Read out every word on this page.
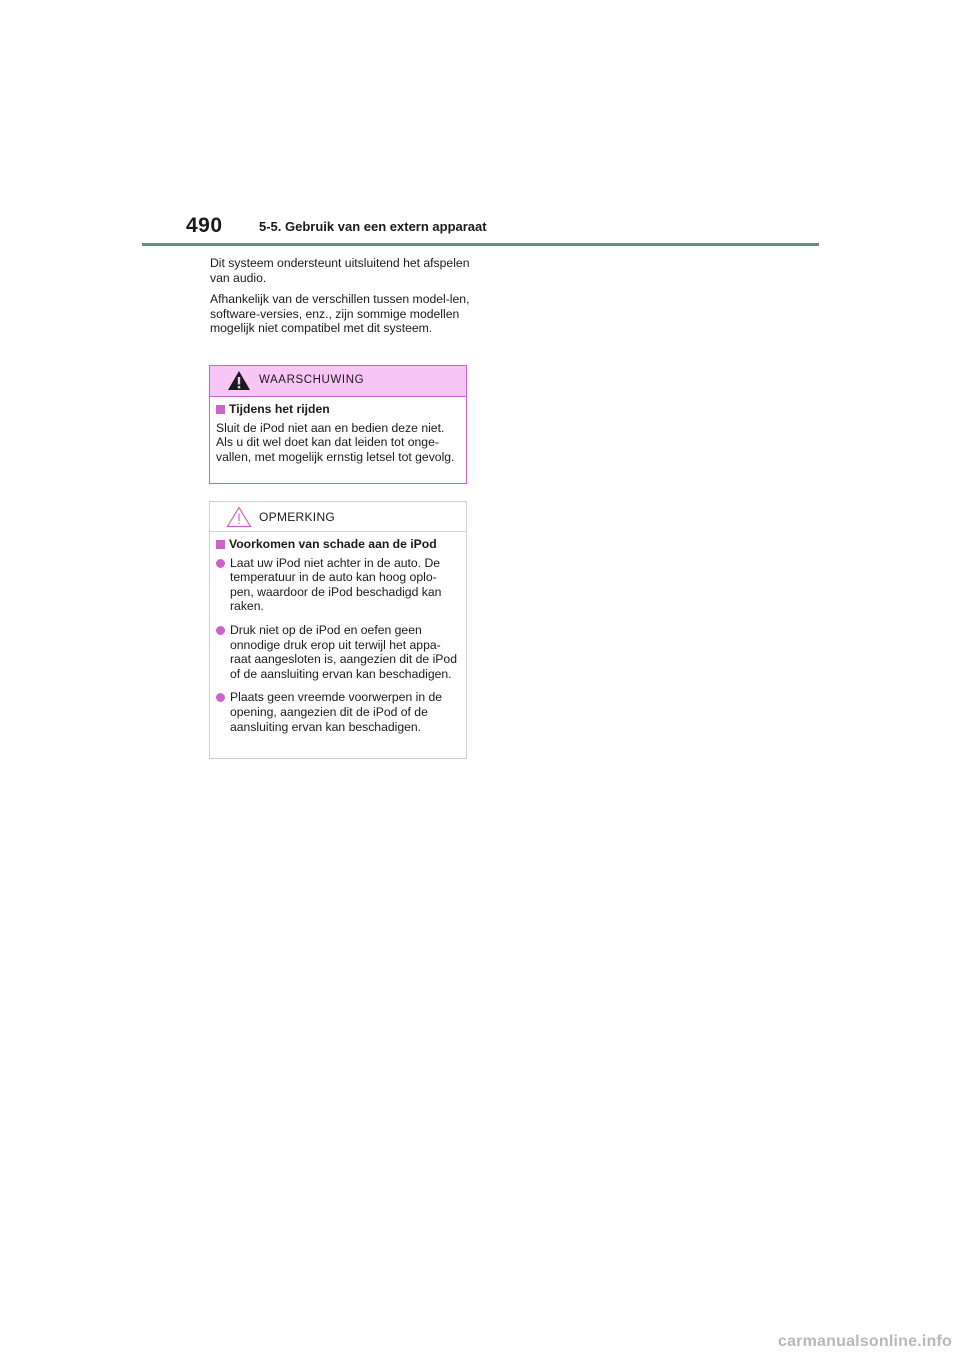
490	5-5. Gebruik van een extern apparaat

Dit systeem ondersteunt uitsluitend het afspelen van audio.

Afhankelijk van de verschillen tussen model-len, software-versies, enz., zijn sommige modellen mogelijk niet compatibel met dit systeem.

WAARSCHUWING
Tijdens het rijden

Sluit de iPod niet aan en bedien deze niet. Als u dit wel doet kan dat leiden tot onge-vallen, met mogelijk ernstig letsel tot gevolg.

OPMERKING
Voorkomen van schade aan de iPod
Laat uw iPod niet achter in de auto. De temperatuur in de auto kan hoog oplo-pen, waardoor de iPod beschadigd kan raken.
Druk niet op de iPod en oefen geen onnodige druk erop uit terwijl het appa-raat aangesloten is, aangezien dit de iPod of de aansluiting ervan kan beschadigen.
Plaats geen vreemde voorwerpen in de opening, aangezien dit de iPod of de aansluiting ervan kan beschadigen.
carmanualsonline.info
